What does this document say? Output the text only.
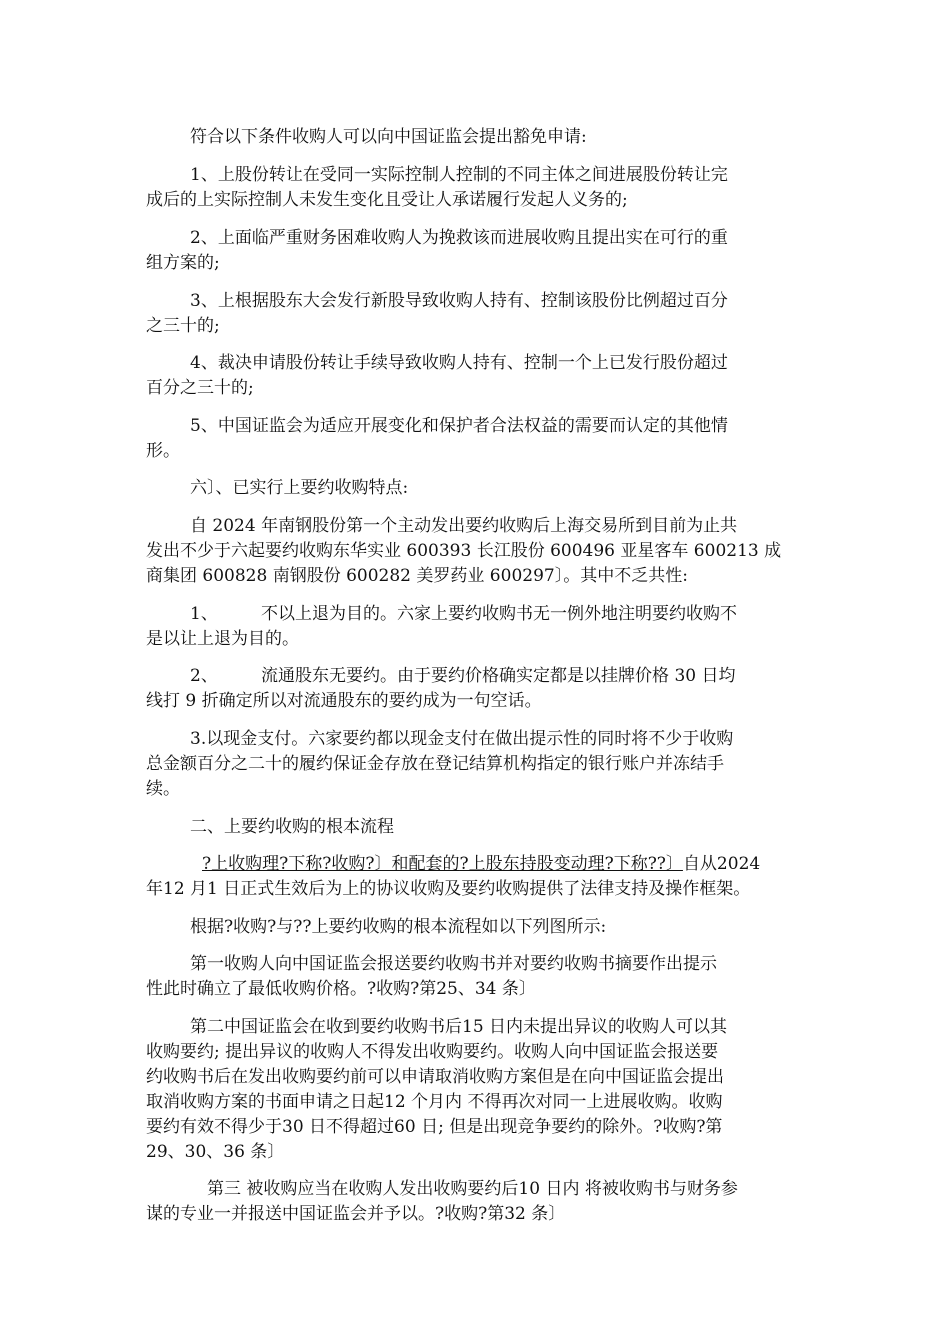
符合以下条件收购人可以向中国证监会提出豁免申请:
1、上股份转让在受同一实际控制人控制的不同主体之间进展股份转让完
成后的上实际控制人未发生变化且受让人承诺履行发起人义务的;
2、上面临严重财务困难收购人为挽救该而进展收购且提出实在可行的重
组方案的;
3、上根据股东大会发行新股导致收购人持有、控制该股份比例超过百分
之三十的;
4、裁决申请股份转让手续导致收购人持有、控制一个上已发行股份超过
百分之三十的;
5、中国证监会为适应开展变化和保护者合法权益的需要而认定的其他情
形。
六〕、已实行上要约收购特点:
自 2024 年南钢股份第一个主动发出要约收购后上海交易所到目前为止共
发出不少于六起要约收购东华实业 600393 长江股份 600496 亚星客车 600213 成
商集团 600828 南钢股份 600282 美罗药业 600297〕。其中不乏共性:
1、        不以上退为目的。六家上要约收购书无一例外地注明要约收购不
是以让上退为目的。
2、        流通股东无要约。由于要约价格确实定都是以挂牌价格 30 日均
线打 9 折确定所以对流通股东的要约成为一句空话。
3.以现金支付。六家要约都以现金支付在做出提示性的同时将不少于收购
总金额百分之二十的履约保证金存放在登记结算机构指定的银行账户并冻结手
续。
二、上要约收购的根本流程
?上收购理?下称?收购?〕和配套的?上股东持股变动理?下称??〕自从2024
年12 月1 日正式生效后为上的协议收购及要约收购提供了法律支持及操作框架。
根据?收购?与??上要约收购的根本流程如以下列图所示:
第一收购人向中国证监会报送要约收购书并对要约收购书摘要作出提示
性此时确立了最低收购价格。?收购?第25、34 条〕
第二中国证监会在收到要约收购书后15 日内未提出异议的收购人可以其
收购要约; 提出异议的收购人不得发出收购要约。收购人向中国证监会报送要
约收购书后在发出收购要约前可以申请取消收购方案但是在向中国证监会提出
取消收购方案的书面申请之日起12 个月内 不得再次对同一上进展收购。收购
要约有效不得少于30 日不得超过60 日; 但是出现竞争要约的除外。?收购?第
29、30、36 条〕
第三 被收购应当在收购人发出收购要约后10 日内 将被收购书与财务参
谋的专业一并报送中国证监会并予以。?收购?第32 条〕
